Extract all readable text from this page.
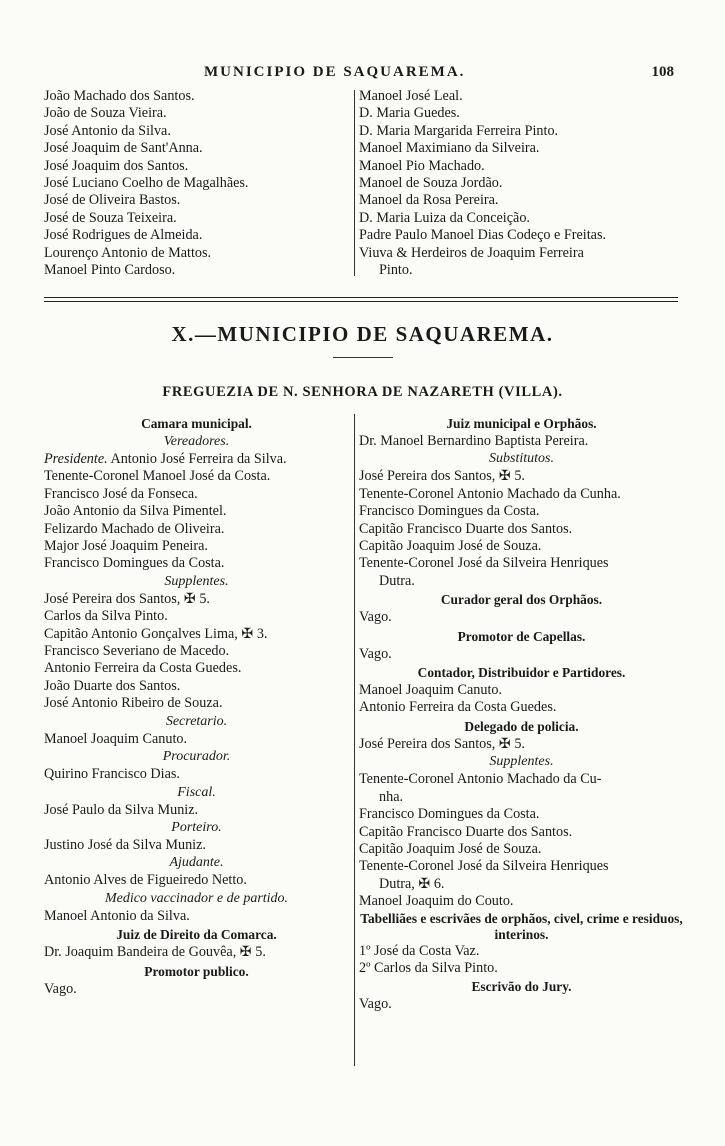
MUNICIPIO DE SAQUAREMA.	108
João Machado dos Santos.
João de Souza Vieira.
José Antonio da Silva.
José Joaquim de Sant'Anna.
José Joaquim dos Santos.
José Luciano Coelho de Magalhães.
José de Oliveira Bastos.
José de Souza Teixeira.
José Rodrigues de Almeida.
Lourenço Antonio de Mattos.
Manoel Pinto Cardoso.
Manoel José Leal.
D. Maria Guedes.
D. Maria Margarida Ferreira Pinto.
Manoel Maximiano da Silveira.
Manoel Pio Machado.
Manoel de Souza Jordão.
Manoel da Rosa Pereira.
D. Maria Luiza da Conceição.
Padre Paulo Manoel Dias Codeço e Freitas.
Viuva & Herdeiros de Joaquim Ferreira
Pinto.
X.—MUNICIPIO DE SAQUAREMA.
FREGUEZIA DE N. SENHORA DE NAZARETH (VILLA).
Camara municipal.
Vereadores.
Presidente. Antonio José Ferreira da Silva.
Tenente-Coronel Manoel José da Costa.
Francisco José da Fonseca.
João Antonio da Silva Pimentel.
Felizardo Machado de Oliveira.
Major José Joaquim Peneira.
Francisco Domingues da Costa.
Supplentes.
José Pereira dos Santos, ✠ 5.
Carlos da Silva Pinto.
Capitão Antonio Gonçalves Lima, ✠ 3.
Francisco Severiano de Macedo.
Antonio Ferreira da Costa Guedes.
João Duarte dos Santos.
José Antonio Ribeiro de Souza.
Secretario.
Manoel Joaquim Canuto.
Procurador.
Quirino Francisco Dias.
Fiscal.
José Paulo da Silva Muniz.
Porteiro.
Justino José da Silva Muniz.
Ajudante.
Antonio Alves de Figueiredo Netto.
Medico vaccinador e de partido.
Manoel Antonio da Silva.
Juiz de Direito da Comarca.
Dr. Joaquim Bandeira de Gouvêa, ✠ 5.
Promotor publico.
Vago.
Juiz municipal e Orphãos.
Dr. Manoel Bernardino Baptista Pereira.
Substitutos.
José Pereira dos Santos, ✠ 5.
Tenente-Coronel Antonio Machado da Cunha.
Francisco Domingues da Costa.
Capitão Francisco Duarte dos Santos.
Capitão Joaquim José de Souza.
Tenente-Coronel José da Silveira Henriques
Dutra.
Curador geral dos Orphãos.
Vago.
Promotor de Capellas.
Vago.
Contador, Distribuidor e Partidores.
Manoel Joaquim Canuto.
Antonio Ferreira da Costa Guedes.
Delegado de policia.
José Pereira dos Santos, ✠ 5.
Supplentes.
Tenente-Coronel Antonio Machado da Cu-
nha.
Francisco Domingues da Costa.
Capitão Francisco Duarte dos Santos.
Capitão Joaquim José de Souza.
Tenente-Coronel José da Silveira Henriques
Dutra, ✠ 6.
Manoel Joaquim do Couto.
Tabelliães e escrivães de orphãos, civel, crime e residuos, interinos.
1º José da Costa Vaz.
2º Carlos da Silva Pinto.
Escrivão do Jury.
Vago.
